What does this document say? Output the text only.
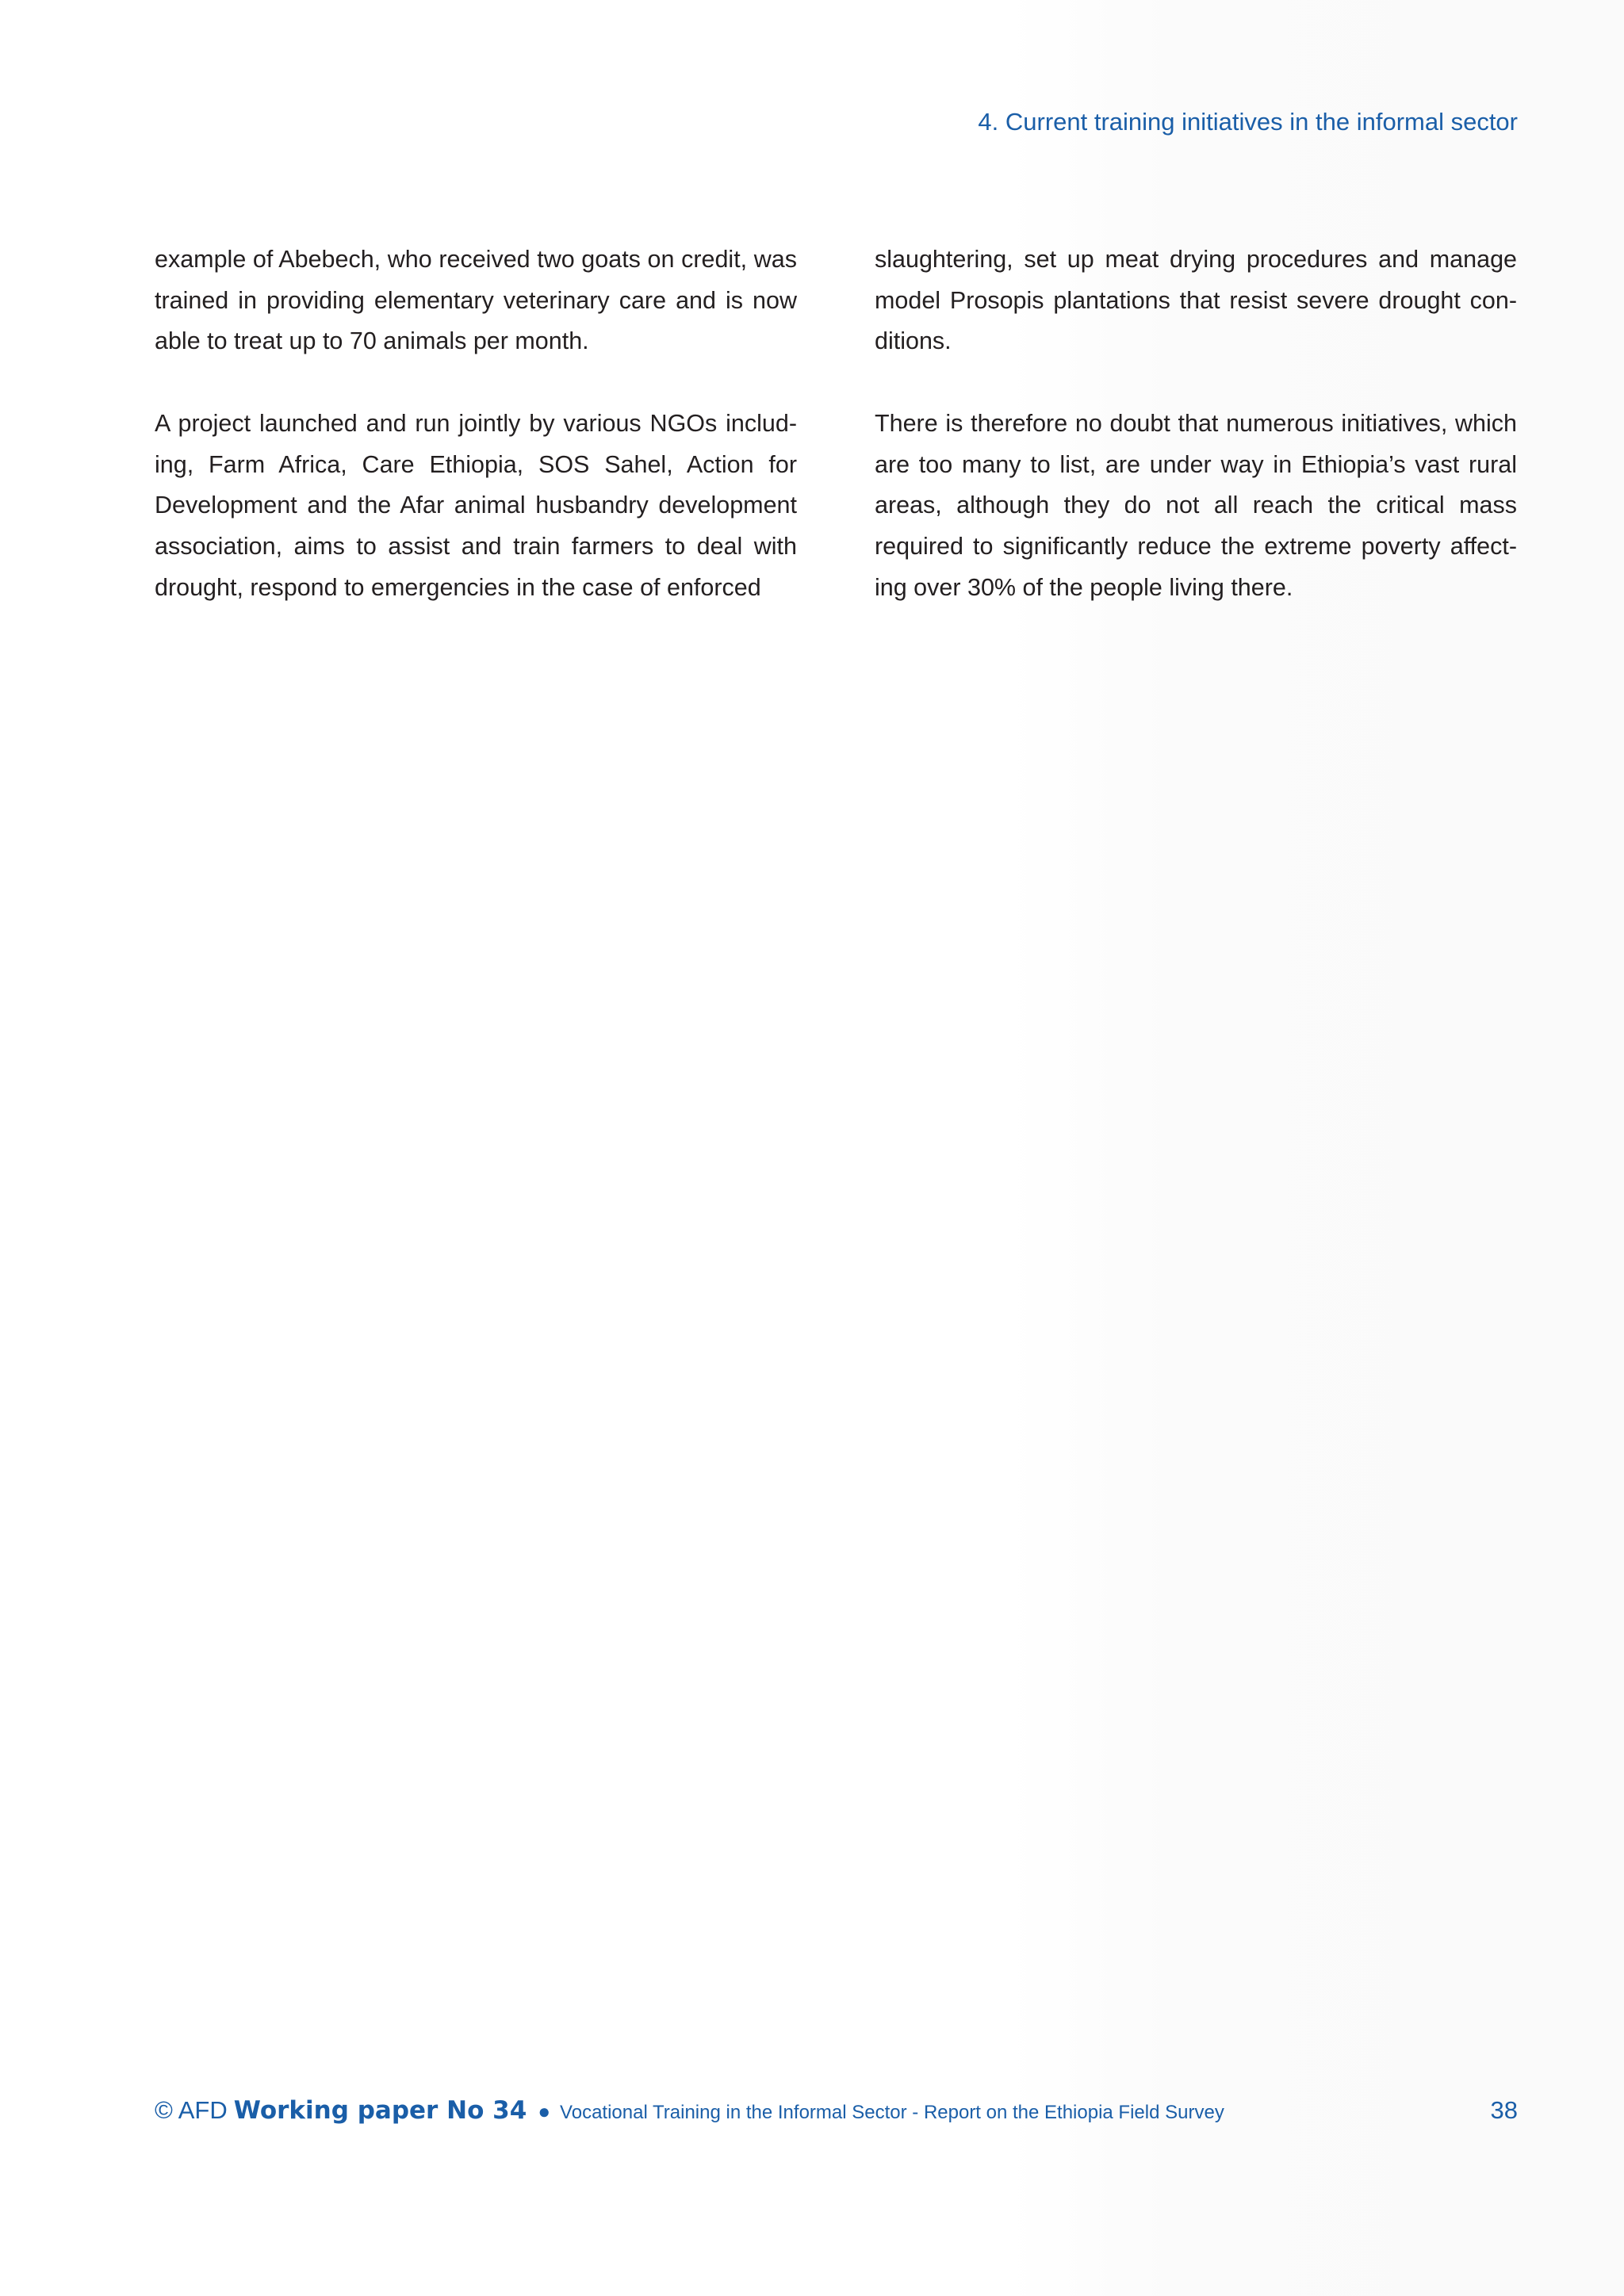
4. Current training initiatives in the informal sector

example of Abebech, who received two goats on credit, was trained in providing elementary veterinary care and is now able to treat up to 70 animals per month.

A project launched and run jointly by various NGOs includ- ing, Farm Africa, Care Ethiopia, SOS Sahel, Action for Development and the Afar animal husbandry development association, aims to assist and train farmers to deal with drought, respond to emergencies in the case of enforced

slaughtering, set up meat drying procedures and manage model Prosopis plantations that resist severe drought con- ditions.

There is therefore no doubt that numerous initiatives, which are too many to list, are under way in Ethiopia’s vast rural areas, although they do not all reach the critical mass required to significantly reduce the extreme poverty affect- ing over 30% of the people living there.

© AFD Working paper No 34 ● Vocational Training in the Informal Sector - Report on the Ethiopia Field Survey	38
